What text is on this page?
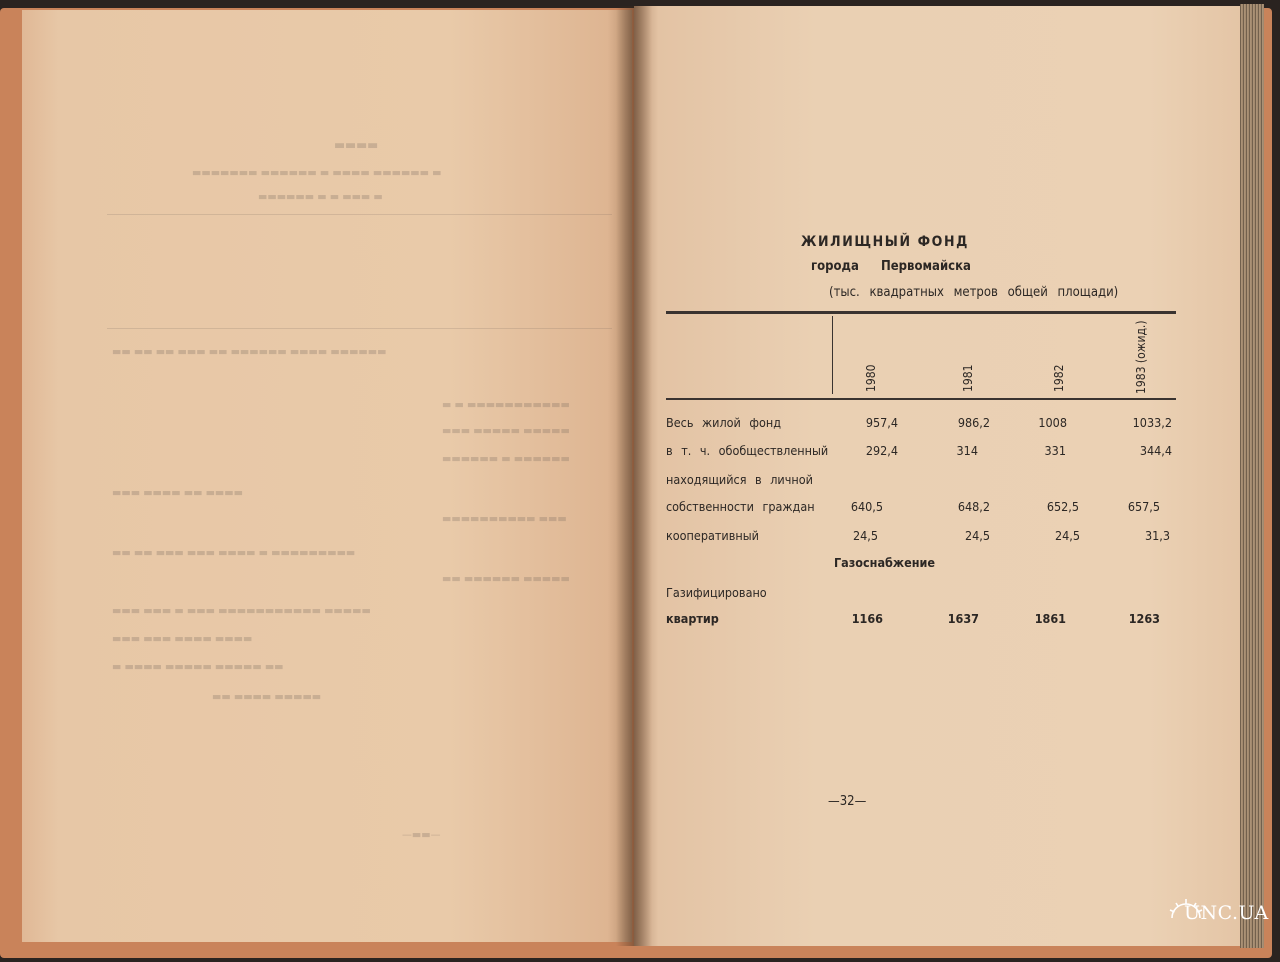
▬▬▬▬
▬▬▬▬▬▬▬ ▬▬▬▬▬▬ ▬ ▬▬▬▬ ▬▬▬▬▬▬ ▬
▬▬▬▬▬▬ ▬ ▬ ▬▬▬ ▬
▬▬ ▬▬ ▬▬ ▬▬▬ ▬▬ ▬▬▬▬▬▬ ▬▬▬▬ ▬▬▬▬▬▬
▬ ▬ ▬▬▬▬▬▬▬▬▬▬▬
▬▬▬ ▬▬▬▬▬ ▬▬▬▬▬
▬▬▬▬▬▬ ▬ ▬▬▬▬▬▬
▬▬▬ ▬▬▬▬ ▬▬ ▬▬▬▬
▬▬▬▬▬▬▬▬▬▬ ▬▬▬
▬▬ ▬▬ ▬▬▬ ▬▬▬ ▬▬▬▬ ▬ ▬▬▬▬▬▬▬▬▬
▬▬ ▬▬▬▬▬▬ ▬▬▬▬▬
▬▬▬ ▬▬▬ ▬ ▬▬▬ ▬▬▬▬▬▬▬▬▬▬▬ ▬▬▬▬▬
▬▬▬ ▬▬▬ ▬▬▬▬ ▬▬▬▬
▬ ▬▬▬▬ ▬▬▬▬▬ ▬▬▬▬▬ ▬▬
▬▬ ▬▬▬▬ ▬▬▬▬▬
—▬▬—
ЖИЛИЩНЫЙ ФОНД
города Первомайска
(тыс. квадратных метров общей площади)
1980	1981	1982	1983 (ожид.)
Весь жилой фонд	957,4	986,2	1008	1033,2
в т. ч. обобществленный	292,4	314	331	344,4
находящийся в личной
собственности граждан	640,5	648,2	652,5	657,5
кооперативный	24,5	24,5	24,5	31,3
Газоснабжение
Газифицировано
квартир	1166	1637	1861	1263
—32—
UNC.UA
